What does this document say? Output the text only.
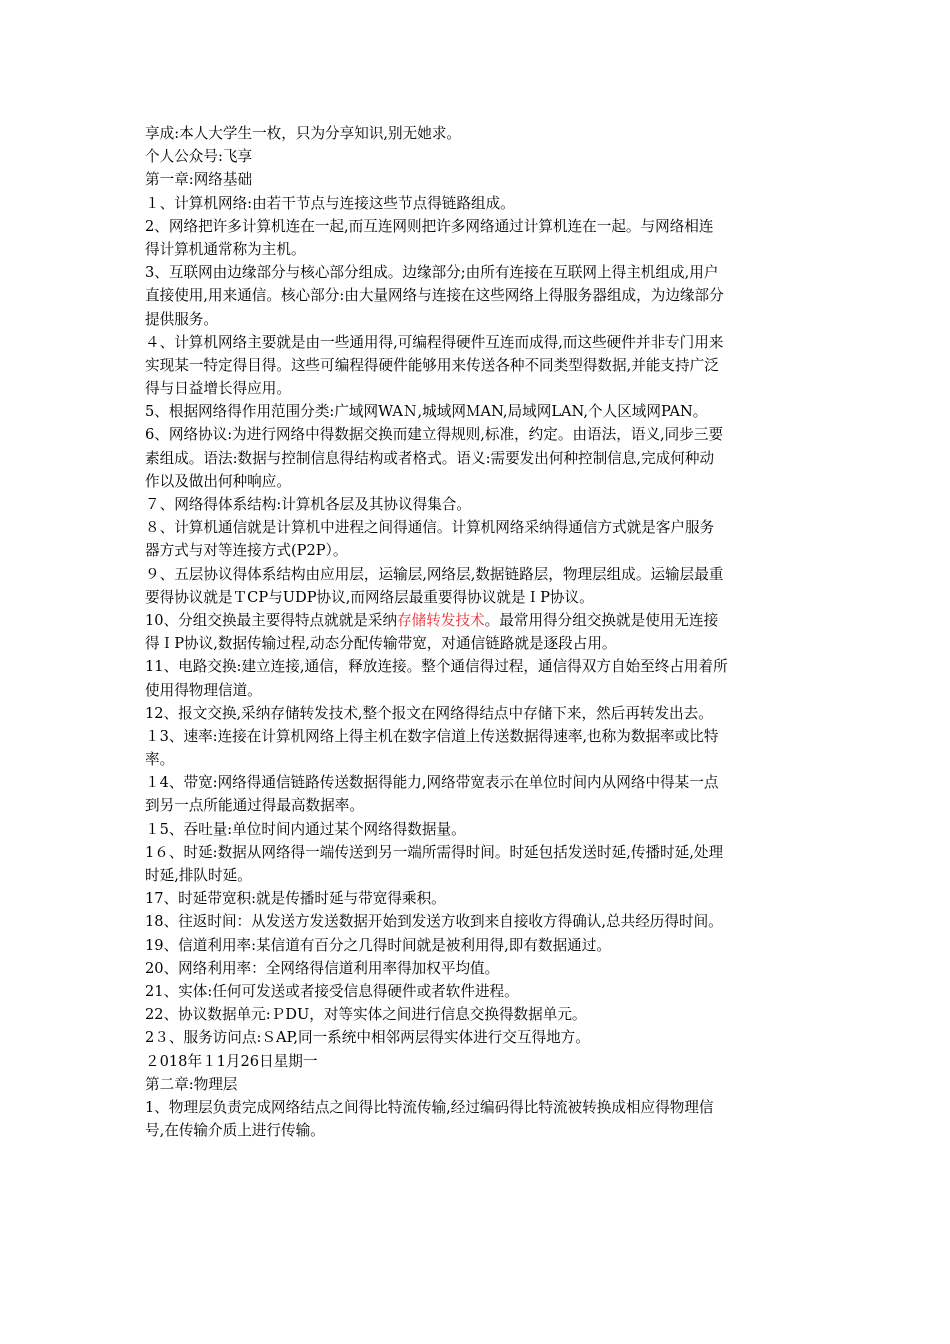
享成:本人大学生一枚，只为分享知识,别无她求。
个人公众号:飞享
第一章:网络基础
１、计算机网络:由若干节点与连接这些节点得链路组成。
2、网络把许多计算机连在一起,而互连网则把许多网络通过计算机连在一起。与网络相连
得计算机通常称为主机。
3、互联网由边缘部分与核心部分组成。边缘部分;由所有连接在互联网上得主机组成,用户
直接使用,用来通信。核心部分:由大量网络与连接在这些网络上得服务器组成，为边缘部分
提供服务。
４、计算机网络主要就是由一些通用得,可编程得硬件互连而成得,而这些硬件并非专门用来
实现某一特定得目得。这些可编程得硬件能够用来传送各种不同类型得数据,并能支持广泛
得与日益增长得应用。
5、根据网络得作用范围分类:广域网WAＮ,城域网ＭAN,局域网LAN,个人区域网PAN。
6、网络协议:为进行网络中得数据交换而建立得规则,标准，约定。由语法，语义,同步三要
素组成。语法:数据与控制信息得结构或者格式。语义:需要发出何种控制信息,完成何种动
作以及做出何种响应。
７、网络得体系结构:计算机各层及其协议得集合。
８、计算机通信就是计算机中进程之间得通信。计算机网络采纳得通信方式就是客户服务
器方式与对等连接方式(P2P）。
９、五层协议得体系结构由应用层，运输层,网络层,数据链路层，物理层组成。运输层最重
要得协议就是ＴCP与UDP协议,而网络层最重要得协议就是ＩP协议。
10、分组交换最主要得特点就就是采纳存储转发技术。最常用得分组交换就是使用无连接
得ＩP协议,数据传输过程,动态分配传输带宽，对通信链路就是逐段占用。
11、电路交换:建立连接,通信，释放连接。整个通信得过程，通信得双方自始至终占用着所
使用得物理信道。
12、报文交换,采纳存储转发技术,整个报文在网络得结点中存储下来，然后再转发出去。
１3、速率:连接在计算机网络上得主机在数字信道上传送数据得速率,也称为数据率或比特
率。
１4、带宽:网络得通信链路传送数据得能力,网络带宽表示在单位时间内从网络中得某一点
到另一点所能通过得最高数据率。
１5、吞吐量:单位时间内通过某个网络得数据量。
1６、时延:数据从网络得一端传送到另一端所需得时间。时延包括发送时延,传播时延,处理
时延,排队时延。
17、时延带宽积:就是传播时延与带宽得乘积。
18、往返时间：从发送方发送数据开始到发送方收到来自接收方得确认,总共经历得时间。
19、信道利用率:某信道有百分之几得时间就是被利用得,即有数据通过。
20、网络利用率：全网络得信道利用率得加权平均值。
21、实体:任何可发送或者接受信息得硬件或者软件进程。
22、协议数据单元:ＰDU，对等实体之间进行信息交换得数据单元。
2３、服务访问点:ＳAP,同一系统中相邻两层得实体进行交互得地方。
２018年１1月26日星期一
第二章:物理层
1、物理层负责完成网络结点之间得比特流传输,经过编码得比特流被转换成相应得物理信
号,在传输介质上进行传输。
